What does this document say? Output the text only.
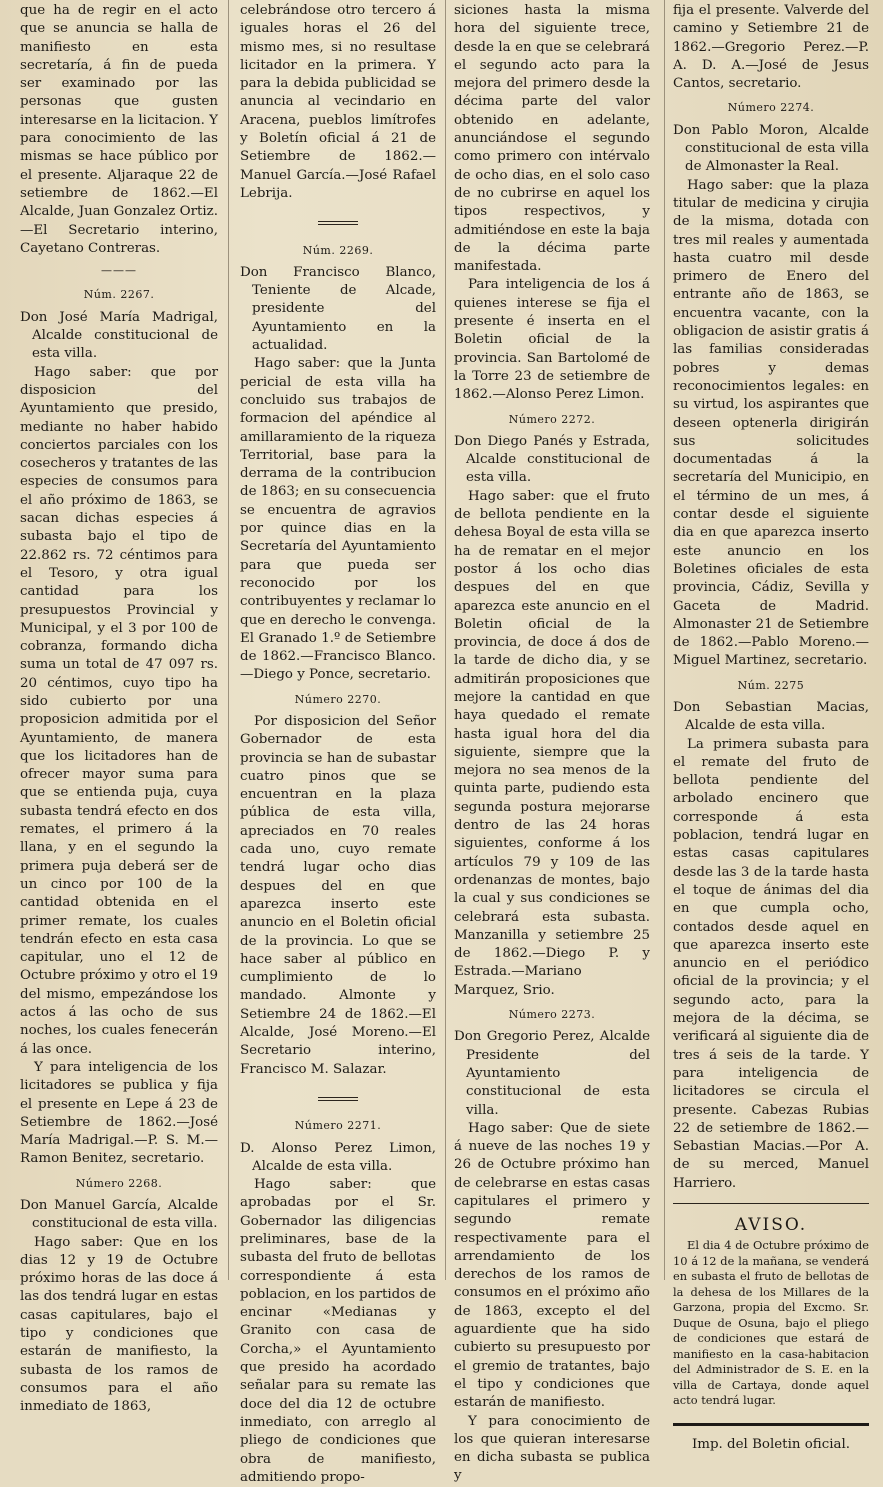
que ha de regir en el acto que se anuncia se halla de manifiesto en esta secretaría, á fin de pueda ser examinado por las personas que gusten interesarse en la licitacion. Y para conocimiento de las mismas se hace público por el presente. Aljaraque 22 de setiembre de 1862.—El Alcalde, Juan Gonzalez Ortiz.—El Secretario interino, Cayetano Contreras.

———
Núm. 2267.

Don José María Madrigal, Alcalde constitucional de esta villa.

Hago saber: que por disposicion del Ayuntamiento que presido, mediante no haber habido conciertos parciales con los cosecheros y tratantes de las especies de consumos para el año próximo de 1863, se sacan dichas especies á subasta bajo el tipo de 22.862 rs. 72 céntimos para el Tesoro, y otra igual cantidad para los presupuestos Provincial y Municipal, y el 3 por 100 de cobranza, formando dicha suma un total de 47 097 rs. 20 céntimos, cuyo tipo ha sido cubierto por una proposicion admitida por el Ayuntamiento, de manera que los licitadores han de ofrecer mayor suma para que se entienda puja, cuya subasta tendrá efecto en dos remates, el primero á la llana, y en el segundo la primera puja deberá ser de un cinco por 100 de la cantidad obtenida en el primer remate, los cuales tendrán efecto en esta casa capitular, uno el 12 de Octubre próximo y otro el 19 del mismo, empezándose los actos á las ocho de sus noches, los cuales fenecerán á las once.

Y para inteligencia de los licitadores se publica y fija el presente en Lepe á 23 de Setiembre de 1862.—José María Madrigal.—P. S. M.—Ramon Benitez, secretario.

Número 2268.

Don Manuel García, Alcalde constitucional de esta villa.

Hago saber: Que en los dias 12 y 19 de Octubre próximo horas de las doce á las dos tendrá lugar en estas casas capitulares, bajo el tipo y condiciones que estarán de manifiesto, la subasta de los ramos de consumos para el año inmediato de 1863,

celebrándose otro tercero á iguales horas el 26 del mismo mes, si no resultase licitador en la primera. Y para la debida publicidad se anuncia al vecindario en Aracena, pueblos limítrofes y Boletín oficial á 21 de Setiembre de 1862.—Manuel García.—José Rafael Lebrija.

Núm. 2269.

Don Francisco Blanco, Teniente de Alcade, presidente del Ayuntamiento en la actualidad.

Hago saber: que la Junta pericial de esta villa ha concluido sus trabajos de formacion del apéndice al amillaramiento de la riqueza Territorial, base para la derrama de la contribucion de 1863; en su consecuencia se encuentra de agravios por quince dias en la Secretaría del Ayuntamiento para que pueda ser reconocido por los contribuyentes y reclamar lo que en derecho le convenga. El Granado 1.º de Setiembre de 1862.—Francisco Blanco.—Diego y Ponce, secretario.

Número 2270.

Por disposicion del Señor Gobernador de esta provincia se han de subastar cuatro pinos que se encuentran en la plaza pública de esta villa, apreciados en 70 reales cada uno, cuyo remate tendrá lugar ocho dias despues del en que aparezca inserto este anuncio en el Boletin oficial de la provincia. Lo que se hace saber al público en cumplimiento de lo mandado. Almonte y Setiembre 24 de 1862.—El Alcalde, José Moreno.—El Secretario interino, Francisco M. Salazar.

Número 2271.

D. Alonso Perez Limon, Alcalde de esta villa.

Hago saber: que aprobadas por el Sr. Gobernador las diligencias preliminares, base de la subasta del fruto de bellotas correspondiente á esta poblacion, en los partidos de encinar «Medianas y Granito con casa de Corcha,» el Ayuntamiento que presido ha acordado señalar para su remate las doce del dia 12 de octubre inmediato, con arreglo al pliego de condiciones que obra de manifiesto, admitiendo propo-

siciones hasta la misma hora del siguiente trece, desde la en que se celebrará el segundo acto para la mejora del primero desde la décima parte del valor obtenido en adelante, anunciándose el segundo como primero con intérvalo de ocho dias, en el solo caso de no cubrirse en aquel los tipos respectivos, y admitiéndose en este la baja de la décima parte manifestada.

Para inteligencia de los á quienes interese se fija el presente é inserta en el Boletin oficial de la provincia. San Bartolomé de la Torre 23 de setiembre de 1862.—Alonso Perez Limon.

Número 2272.

Don Diego Panés y Estrada, Alcalde constitucional de esta villa.

Hago saber: que el fruto de bellota pendiente en la dehesa Boyal de esta villa se ha de rematar en el mejor postor á los ocho dias despues del en que aparezca este anuncio en el Boletin oficial de la provincia, de doce á dos de la tarde de dicho dia, y se admitirán proposiciones que mejore la cantidad en que haya quedado el remate hasta igual hora del dia siguiente, siempre que la mejora no sea menos de la quinta parte, pudiendo esta segunda postura mejorarse dentro de las 24 horas siguientes, conforme á los artículos 79 y 109 de las ordenanzas de montes, bajo la cual y sus condiciones se celebrará esta subasta. Manzanilla y setiembre 25 de 1862.—Diego P. y Estrada.—Mariano Marquez, Srio.

Número 2273.

Don Gregorio Perez, Alcalde Presidente del Ayuntamiento constitucional de esta villa.

Hago saber: Que de siete á nueve de las noches 19 y 26 de Octubre próximo han de celebrarse en estas casas capitulares el primero y segundo remate respectivamente para el arrendamiento de los derechos de los ramos de consumos en el próximo año de 1863, excepto el del aguardiente que ha sido cubierto su presupuesto por el gremio de tratantes, bajo el tipo y condiciones que estarán de manifiesto.

Y para conocimiento de los que quieran interesarse en dicha subasta se publica y

fija el presente. Valverde del camino y Setiembre 21 de 1862.—Gregorio Perez.—P. A. D. A.—José de Jesus Cantos, secretario.

Número 2274.

Don Pablo Moron, Alcalde constitucional de esta villa de Almonaster la Real.

Hago saber: que la plaza titular de medicina y cirujia de la misma, dotada con tres mil reales y aumentada hasta cuatro mil desde primero de Enero del entrante año de 1863, se encuentra vacante, con la obligacion de asistir gratis á las familias consideradas pobres y demas reconocimientos legales: en su virtud, los aspirantes que deseen optenerla dirigirán sus solicitudes documentadas á la secretaría del Municipio, en el término de un mes, á contar desde el siguiente dia en que aparezca inserto este anuncio en los Boletines oficiales de esta provincia, Cádiz, Sevilla y Gaceta de Madrid. Almonaster 21 de Setiembre de 1862.—Pablo Moreno.—Miguel Martinez, secretario.

Núm. 2275

Don Sebastian Macias, Alcalde de esta villa.

La primera subasta para el remate del fruto de bellota pendiente del arbolado encinero que corresponde á esta poblacion, tendrá lugar en estas casas capitulares desde las 3 de la tarde hasta el toque de ánimas del dia en que cumpla ocho, contados desde aquel en que aparezca inserto este anuncio en el periódico oficial de la provincia; y el segundo acto, para la mejora de la décima, se verificará al siguiente dia de tres á seis de la tarde. Y para inteligencia de licitadores se circula el presente. Cabezas Rubias 22 de setiembre de 1862.—Sebastian Macias.—Por A. de su merced, Manuel Harriero.

AVISO.

El dia 4 de Octubre próximo de 10 á 12 de la mañana, se venderá en subasta el fruto de bellotas de la dehesa de los Millares de la Garzona, propia del Excmo. Sr. Duque de Osuna, bajo el pliego de condiciones que estará de manifiesto en la casa-habitacion del Administrador de S. E. en la villa de Cartaya, donde aquel acto tendrá lugar.

Imp. del Boletin oficial.
